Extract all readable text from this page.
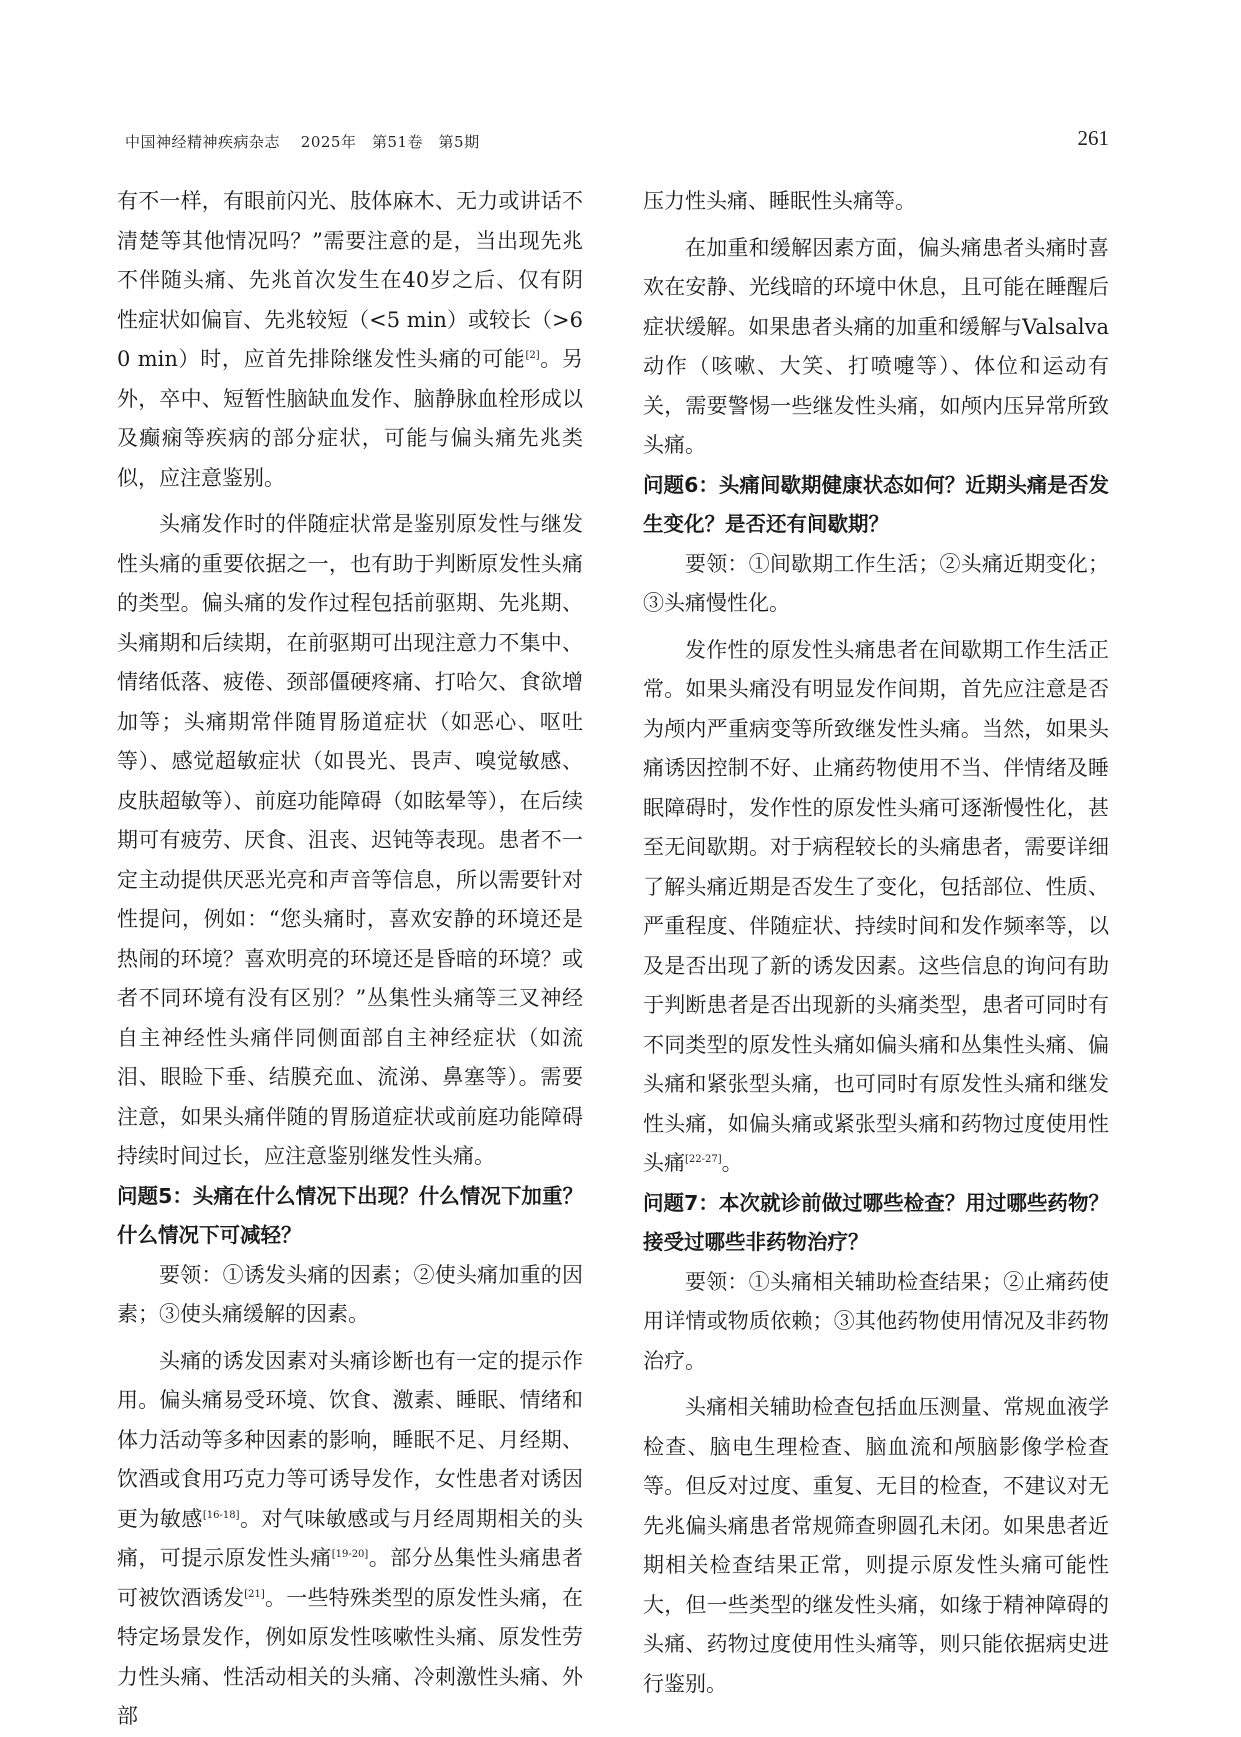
中国神经精神疾病杂志　 2025年　第51卷　第5期	261

有不一样，有眼前闪光、肢体麻木、无力或讲话不清楚等其他情况吗？”需要注意的是，当出现先兆不伴随头痛、先兆首次发生在40岁之后、仅有阴性症状如偏盲、先兆较短（<5 min）或较长（>60 min）时，应首先排除继发性头痛的可能[2]。另外，卒中、短暂性脑缺血发作、脑静脉血栓形成以及癫痫等疾病的部分症状，可能与偏头痛先兆类似，应注意鉴别。

头痛发作时的伴随症状常是鉴别原发性与继发性头痛的重要依据之一，也有助于判断原发性头痛的类型。偏头痛的发作过程包括前驱期、先兆期、头痛期和后续期，在前驱期可出现注意力不集中、情绪低落、疲倦、颈部僵硬疼痛、打哈欠、食欲增加等；头痛期常伴随胃肠道症状（如恶心、呕吐等）、感觉超敏症状（如畏光、畏声、嗅觉敏感、皮肤超敏等）、前庭功能障碍（如眩晕等），在后续期可有疲劳、厌食、沮丧、迟钝等表现。患者不一定主动提供厌恶光亮和声音等信息，所以需要针对性提问，例如：“您头痛时，喜欢安静的环境还是热闹的环境？喜欢明亮的环境还是昏暗的环境？或者不同环境有没有区别？”丛集性头痛等三叉神经自主神经性头痛伴同侧面部自主神经症状（如流泪、眼睑下垂、结膜充血、流涕、鼻塞等）。需要注意，如果头痛伴随的胃肠道症状或前庭功能障碍持续时间过长，应注意鉴别继发性头痛。

问题5：头痛在什么情况下出现？什么情况下加重？什么情况下可减轻？

要领：①诱发头痛的因素；②使头痛加重的因素；③使头痛缓解的因素。

头痛的诱发因素对头痛诊断也有一定的提示作用。偏头痛易受环境、饮食、激素、睡眠、情绪和体力活动等多种因素的影响，睡眠不足、月经期、饮酒或食用巧克力等可诱导发作，女性患者对诱因更为敏感[16-18]。对气味敏感或与月经周期相关的头痛，可提示原发性头痛[19-20]。部分丛集性头痛患者可被饮酒诱发[21]。一些特殊类型的原发性头痛，在特定场景发作，例如原发性咳嗽性头痛、原发性劳力性头痛、性活动相关的头痛、冷刺激性头痛、外部

压力性头痛、睡眠性头痛等。

在加重和缓解因素方面，偏头痛患者头痛时喜欢在安静、光线暗的环境中休息，且可能在睡醒后症状缓解。如果患者头痛的加重和缓解与Valsalva动作（咳嗽、大笑、打喷嚏等）、体位和运动有关，需要警惕一些继发性头痛，如颅内压异常所致头痛。

问题6：头痛间歇期健康状态如何？近期头痛是否发生变化？是否还有间歇期？

要领：①间歇期工作生活；②头痛近期变化；③头痛慢性化。

发作性的原发性头痛患者在间歇期工作生活正常。如果头痛没有明显发作间期，首先应注意是否为颅内严重病变等所致继发性头痛。当然，如果头痛诱因控制不好、止痛药物使用不当、伴情绪及睡眠障碍时，发作性的原发性头痛可逐渐慢性化，甚至无间歇期。对于病程较长的头痛患者，需要详细了解头痛近期是否发生了变化，包括部位、性质、严重程度、伴随症状、持续时间和发作频率等，以及是否出现了新的诱发因素。这些信息的询问有助于判断患者是否出现新的头痛类型，患者可同时有不同类型的原发性头痛如偏头痛和丛集性头痛、偏头痛和紧张型头痛，也可同时有原发性头痛和继发性头痛，如偏头痛或紧张型头痛和药物过度使用性头痛[22-27]。

问题7：本次就诊前做过哪些检查？用过哪些药物？接受过哪些非药物治疗？

要领：①头痛相关辅助检查结果；②止痛药使用详情或物质依赖；③其他药物使用情况及非药物治疗。

头痛相关辅助检查包括血压测量、常规血液学检查、脑电生理检查、脑血流和颅脑影像学检查等。但反对过度、重复、无目的检查，不建议对无先兆偏头痛患者常规筛查卵圆孔未闭。如果患者近期相关检查结果正常，则提示原发性头痛可能性大，但一些类型的继发性头痛，如缘于精神障碍的头痛、药物过度使用性头痛等，则只能依据病史进行鉴别。
